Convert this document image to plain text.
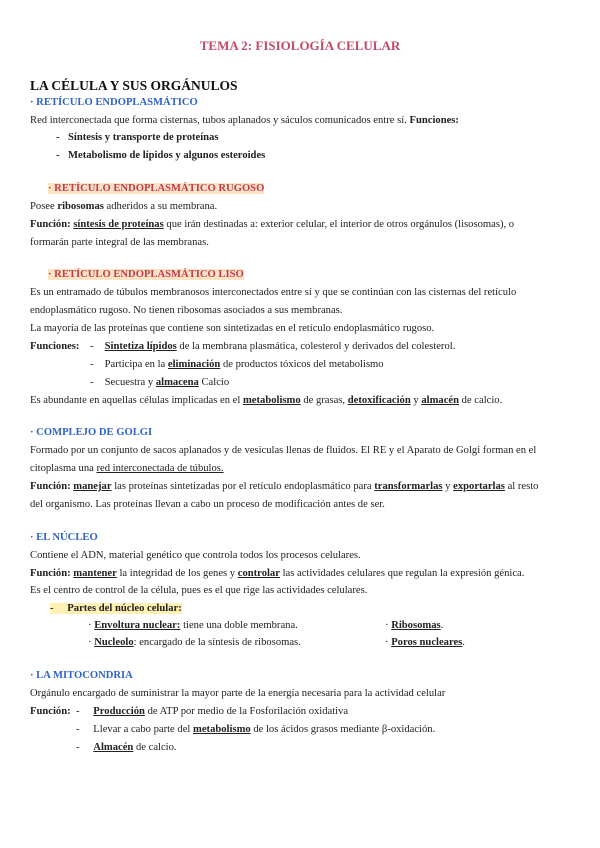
TEMA 2: FISIOLOGÍA CELULAR
LA CÉLULA Y SUS ORGÁNULOS
· RETÍCULO ENDOPLASMÁTICO
Red interconectada que forma cisternas, tubos aplanados y sáculos comunicados entre sí. Funciones:
- Síntesis y transporte de proteínas
- Metabolismo de lípidos y algunos esteroides
· RETÍCULO ENDOPLASMÁTICO RUGOSO
Posee ribosomas adheridos a su membrana.
Función: síntesis de proteínas que irán destinadas a: exterior celular, el interior de otros orgánulos (lisosomas), o
formarán parte integral de las membranas.
· RETÍCULO ENDOPLASMÁTICO LISO
Es un entramado de túbulos membranosos interconectados entre sí y que se continúan con las cisternas del retículo
endoplasmático rugoso. No tienen ribosomas asociados a sus membranas.
La mayoría de las proteínas que contiene son sintetizadas en el retículo endoplasmático rugoso.
Funciones: - Sintetiza lípidos de la membrana plasmática, colesterol y derivados del colesterol.
- Participa en la eliminación de productos tóxicos del metabolismo
- Secuestra y almacena Calcio
Es abundante en aquellas células implicadas en el metabolismo de grasas, detoxificación y almacén de calcio.
· COMPLEJO DE GOLGI
Formado por un conjunto de sacos aplanados y de vesículas llenas de fluidos. El RE y el Aparato de Golgi forman en el
citoplasma una red interconectada de túbulos.
Función: manejar las proteínas sintetizadas por el retículo endoplasmático para transformarlas y exportarlas al resto
del organismo. Las proteínas llevan a cabo un proceso de modificación antes de ser.
· EL NÚCLEO
Contiene el ADN, material genético que controla todos los procesos celulares.
Función: mantener la integridad de los genes y controlar las actividades celulares que regulan la expresión génica.
Es el centro de control de la célula, pues es el que rige las actividades celulares.
- Partes del núcleo celular:
· Envoltura nuclear: tiene una doble membrana.	· Ribosomas.
· Nucleolo: encargado de la síntesis de ribosomas.	· Poros nucleares.
· LA MITOCONDRIA
Orgánulo encargado de suministrar la mayor parte de la energía necesaria para la actividad celular
Función: - Producción de ATP por medio de la Fosforilación oxidativa
- Llevar a cabo parte del metabolismo de los ácidos grasos mediante β-oxidación.
- Almacén de calcio.
